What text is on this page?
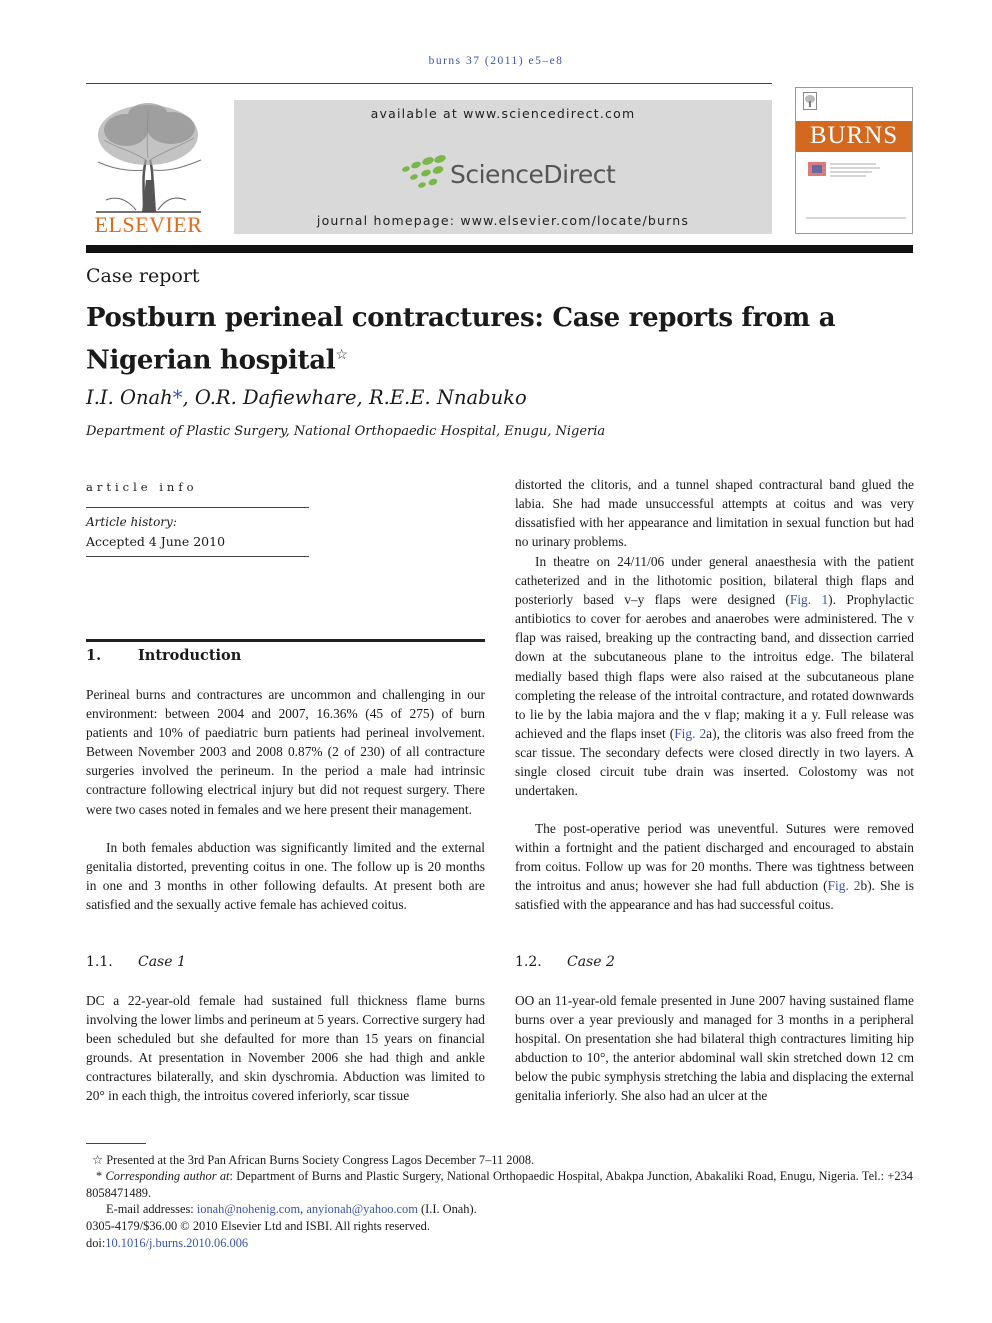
burns 37 (2011) e5–e8
ELSEVIER
available at www.sciencedirect.com
ScienceDirect
journal homepage: www.elsevier.com/locate/burns
BURNS
Case report
Postburn perineal contractures: Case reports from a Nigerian hospital☆
I.I. Onah*, O.R. Dafiewhare, R.E.E. Nnabuko
Department of Plastic Surgery, National Orthopaedic Hospital, Enugu, Nigeria
article info
Article history:
Accepted 4 June 2010
1.	Introduction
Perineal burns and contractures are uncommon and challenging in our environment: between 2004 and 2007, 16.36% (45 of 275) of burn patients and 10% of paediatric burn patients had perineal involvement. Between November 2003 and 2008 0.87% (2 of 230) of all contracture surgeries involved the perineum. In the period a male had intrinsic contracture following electrical injury but did not request surgery. There were two cases noted in females and we here present their management.
In both females abduction was significantly limited and the external genitalia distorted, preventing coitus in one. The follow up is 20 months in one and 3 months in other following defaults. At present both are satisfied and the sexually active female has achieved coitus.
1.1. Case 1
DC a 22-year-old female had sustained full thickness flame burns involving the lower limbs and perineum at 5 years. Corrective surgery had been scheduled but she defaulted for more than 15 years on financial grounds. At presentation in November 2006 she had thigh and ankle contractures bilaterally, and skin dyschromia. Abduction was limited to 20° in each thigh, the introitus covered inferiorly, scar tissue
distorted the clitoris, and a tunnel shaped contractural band glued the labia. She had made unsuccessful attempts at coitus and was very dissatisfied with her appearance and limitation in sexual function but had no urinary problems.
In theatre on 24/11/06 under general anaesthesia with the patient catheterized and in the lithotomic position, bilateral thigh flaps and posteriorly based v–y flaps were designed (Fig. 1). Prophylactic antibiotics to cover for aerobes and anaerobes were administered. The v flap was raised, breaking up the contracting band, and dissection carried down at the subcutaneous plane to the introitus edge. The bilateral medially based thigh flaps were also raised at the subcutaneous plane completing the release of the introital contracture, and rotated downwards to lie by the labia majora and the v flap; making it a y. Full release was achieved and the flaps inset (Fig. 2a), the clitoris was also freed from the scar tissue. The secondary defects were closed directly in two layers. A single closed circuit tube drain was inserted. Colostomy was not undertaken.
The post-operative period was uneventful. Sutures were removed within a fortnight and the patient discharged and encouraged to abstain from coitus. Follow up was for 20 months. There was tightness between the introitus and anus; however she had full abduction (Fig. 2b). She is satisfied with the appearance and has had successful coitus.
1.2. Case 2
OO an 11-year-old female presented in June 2007 having sustained flame burns over a year previously and managed for 3 months in a peripheral hospital. On presentation she had bilateral thigh contractures limiting hip abduction to 10°, the anterior abdominal wall skin stretched down 12 cm below the pubic symphysis stretching the labia and displacing the external genitalia inferiorly. She also had an ulcer at the
☆ Presented at the 3rd Pan African Burns Society Congress Lagos December 7–11 2008.
* Corresponding author at: Department of Burns and Plastic Surgery, National Orthopaedic Hospital, Abakpa Junction, Abakaliki Road, Enugu, Nigeria. Tel.: +234 8058471489.
E-mail addresses: ionah@nohenig.com, anyionah@yahoo.com (I.I. Onah).
0305-4179/$36.00 © 2010 Elsevier Ltd and ISBI. All rights reserved.
doi:10.1016/j.burns.2010.06.006
